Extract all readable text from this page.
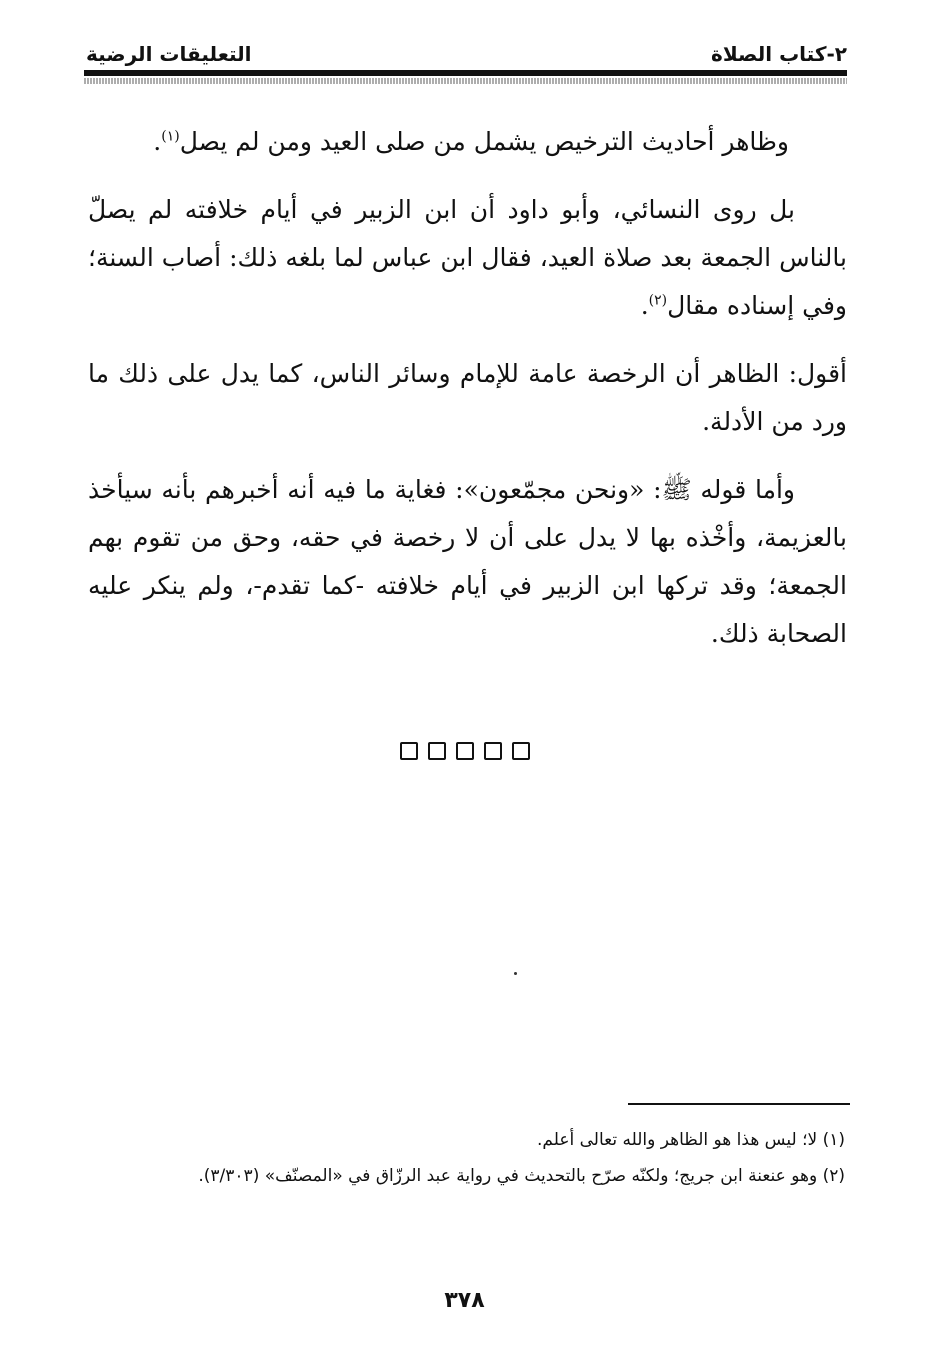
٢-كتاب الصلاة
التعليقات الرضية

وظاهر أحاديث الترخيص يشمل من صلى العيد ومن لم يصل$^{(١)}$.

بل روى النسائي، وأبو داود أن ابن الزبير في أيام خلافته لم يصلّ بالناس الجمعة بعد صلاة العيد، فقال ابن عباس لما بلغه ذلك: أصاب السنة؛ وفي إسناده مقال$^{(٢)}$.

أقول: الظاهر أن الرخصة عامة للإمام وسائر الناس، كما يدل على ذلك ما ورد من الأدلة.

وأما قوله ﷺ: «ونحن مجمّعون»: فغاية ما فيه أنه أخبرهم بأنه سيأخذ بالعزيمة، وأخْذه بها لا يدل على أن لا رخصة في حقه، وحق من تقوم بهم الجمعة؛ وقد تركها ابن الزبير في أيام خلافته -كما تقدم-، ولم ينكر عليه الصحابة ذلك.

(١) لا؛ ليس هذا هو الظاهر والله تعالى أعلم.

(٢) وهو عنعنة ابن جريج؛ ولكنّه صرّح بالتحديث في رواية عبد الرزّاق في «المصنّف» (٣/٣٠٣).

٣٧٨
